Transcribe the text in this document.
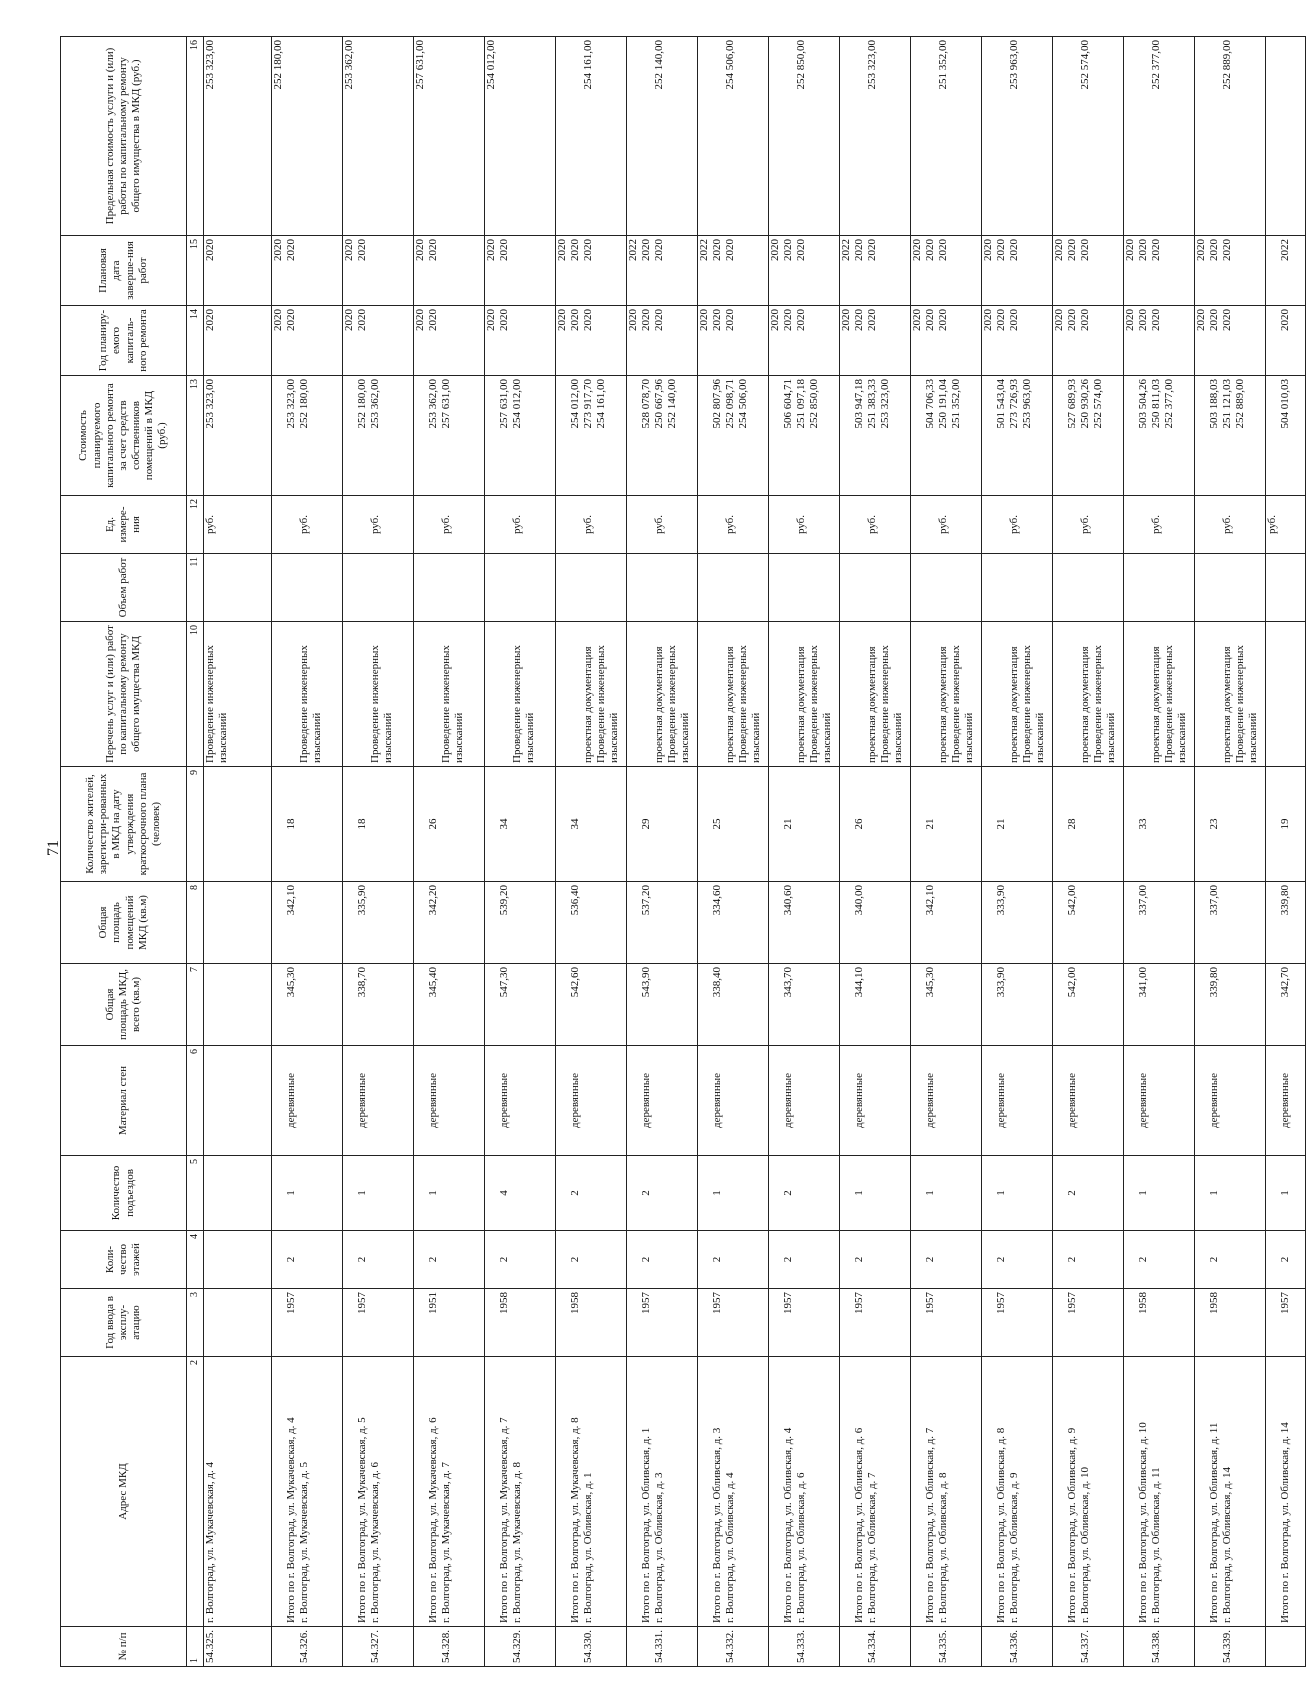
71
№ п/п	Адрес МКД	Год ввода в эксплу-атацию	Коли-чество этажей	Количество подъездов	Материал стен	Общая площадь МКД, всего (кв.м)	Общая площадь помещений МКД (кв.м)	Количество жителей, зарегистри-рованных в МКД на дату утверждения краткосрочного плана (человек)	Перечень услуг и (или) работ по капитальному ремонту общего имущества МКД	Объем работ	Ед. измере-ния	Стоимость планируемого капитального ремонта за счет средств собственников помещений в МКД (руб.)	Год планиру-емого капиталь-ного ремонта	Плановая дата заверше-ния работ	Предельная стоимость услуги и (или) работы по капитальному ремонту общего имущества в МКД (руб.)
1	2	3	4	5	6	7	8	9	10	11	12	13	14	15	16

54.325.	г. Волгоград, ул. Мукачевская, д. 4								Проведение инженерных изысканий		руб.	253 323,00	2020	2020	253 323,00

54.326.	Итого по г. Волгоград, ул. Мукачевская, д. 4 г. Волгоград, ул. Мукачевская, д. 5	1957	2	1	деревянные	345,30	342,10	18	Проведение инженерных изысканий		руб.	253 323,00 252 180,00	2020 2020	2020 2020	252 180,00

54.327.	Итого по г. Волгоград, ул. Мукачевская, д. 5 г. Волгоград, ул. Мукачевская, д. 6	1957	2	1	деревянные	338,70	335,90	18	Проведение инженерных изысканий		руб.	252 180,00 253 362,00	2020 2020	2020 2020	253 362,00

54.328.	Итого по г. Волгоград, ул. Мукачевская, д. 6 г. Волгоград, ул. Мукачевская, д. 7	1951	2	1	деревянные	345,40	342,20	26	Проведение инженерных изысканий		руб.	253 362,00 257 631,00	2020 2020	2020 2020	257 631,00

54.329.	Итого по г. Волгоград, ул. Мукачевская, д. 7 г. Волгоград, ул. Мукачевская, д. 8	1958	2	4	деревянные	547,30	539,20	34	Проведение инженерных изысканий		руб.	257 631,00 254 012,00	2020 2020	2020 2020	254 012,00

54.330.	Итого по г. Волгоград, ул. Мукачевская, д. 8 г. Волгоград, ул. Обливская, д. 1	1958	2	2	деревянные	542,60	536,40	34	проектная документация Проведение инженерных изысканий		руб.	254 012,00 273 917,70 254 161,00	2020 2020 2020	2020 2020 2020	254 161,00

54.331.	Итого по г. Волгоград, ул. Обливская, д. 1 г. Волгоград, ул. Обливская, д. 3	1957	2	2	деревянные	543,90	537,20	29	проектная документация Проведение инженерных изысканий		руб.	528 078,70 250 667,96 252 140,00	2020 2020 2020	2022 2020 2020	252 140,00

54.332.	Итого по г. Волгоград, ул. Обливская, д. 3 г. Волгоград, ул. Обливская, д. 4	1957	2	1	деревянные	338,40	334,60	25	проектная документация Проведение инженерных изысканий		руб.	502 807,96 252 098,71 254 506,00	2020 2020 2020	2022 2020 2020	254 506,00

54.333.	Итого по г. Волгоград, ул. Обливская, д. 4 г. Волгоград, ул. Обливская, д. 6	1957	2	2	деревянные	343,70	340,60	21	проектная документация Проведение инженерных изысканий		руб.	506 604,71 251 097,18 252 850,00	2020 2020 2020	2020 2020 2020	252 850,00

54.334.	Итого по г. Волгоград, ул. Обливская, д. 6 г. Волгоград, ул. Обливская, д. 7	1957	2	1	деревянные	344,10	340,00	26	проектная документация Проведение инженерных изысканий		руб.	503 947,18 251 383,33 253 323,00	2020 2020 2020	2022 2020 2020	253 323,00

54.335.	Итого по г. Волгоград, ул. Обливская, д. 7 г. Волгоград, ул. Обливская, д. 8	1957	2	1	деревянные	345,30	342,10	21	проектная документация Проведение инженерных изысканий		руб.	504 706,33 250 191,04 251 352,00	2020 2020 2020	2020 2020 2020	251 352,00

54.336.	Итого по г. Волгоград, ул. Обливская, д. 8 г. Волгоград, ул. Обливская, д. 9	1957	2	1	деревянные	333,90	333,90	21	проектная документация Проведение инженерных изысканий		руб.	501 543,04 273 726,93 253 963,00	2020 2020 2020	2020 2020 2020	253 963,00

54.337.	Итого по г. Волгоград, ул. Обливская, д. 9 г. Волгоград, ул. Обливская, д. 10	1957	2	2	деревянные	542,00	542,00	28	проектная документация Проведение инженерных изысканий		руб.	527 689,93 250 930,26 252 574,00	2020 2020 2020	2020 2020 2020	252 574,00

54.338.	Итого по г. Волгоград, ул. Обливская, д. 10 г. Волгоград, ул. Обливская, д. 11	1958	2	1	деревянные	341,00	337,00	33	проектная документация Проведение инженерных изысканий		руб.	503 504,26 250 811,03 252 377,00	2020 2020 2020	2020 2020 2020	252 377,00

54.339.	Итого по г. Волгоград, ул. Обливская, д. 11 г. Волгоград, ул. Обливская, д. 14	1958	2	1	деревянные	339,80	337,00	23	проектная документация Проведение инженерных изысканий		руб.	503 188,03 251 121,03 252 889,00	2020 2020 2020	2020 2020 2020	252 889,00

	Итого по г. Волгоград, ул. Обливская, д. 14	1957	2	1	деревянные	342,70	339,80	19			руб.	504 010,03	2020	2022	
